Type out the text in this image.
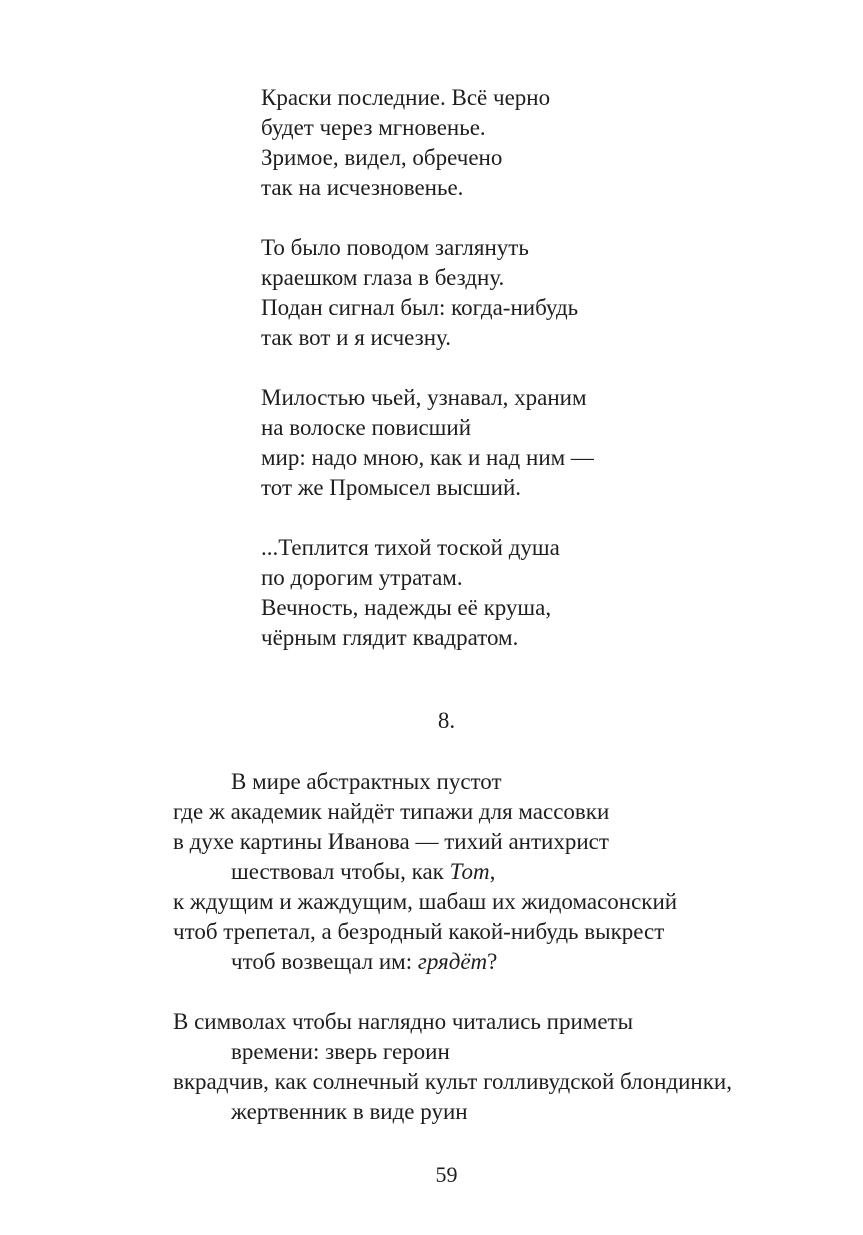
Краски последние. Всё черно
будет через мгновенье.
Зримое, видел, обречено
так на исчезновенье.
То было поводом заглянуть
краешком глаза в бездну.
Подан сигнал был: когда-нибудь
так вот и я исчезну.
Милостью чьей, узнавал, храним
на волоске повисший
мир: надо мною, как и над ним —
тот же Промысел высший.
...Теплится тихой тоской душа
по дорогим утратам.
Вечность, надежды её круша,
чёрным глядит квадратом.
8.
В мире абстрактных пустот
где ж академик найдёт типажи для массовки
в духе картины Иванова — тихий антихрист
шествовал чтобы, как Тот,
к ждущим и жаждущим, шабаш их жидомасонский
чтоб трепетал, а безродный какой-нибудь выкрест
чтоб возвещал им: грядёт?
В символах чтобы наглядно читались приметы
времени: зверь героин
вкрадчив, как солнечный культ голливудской блондинки,
жертвенник в виде руин
59
